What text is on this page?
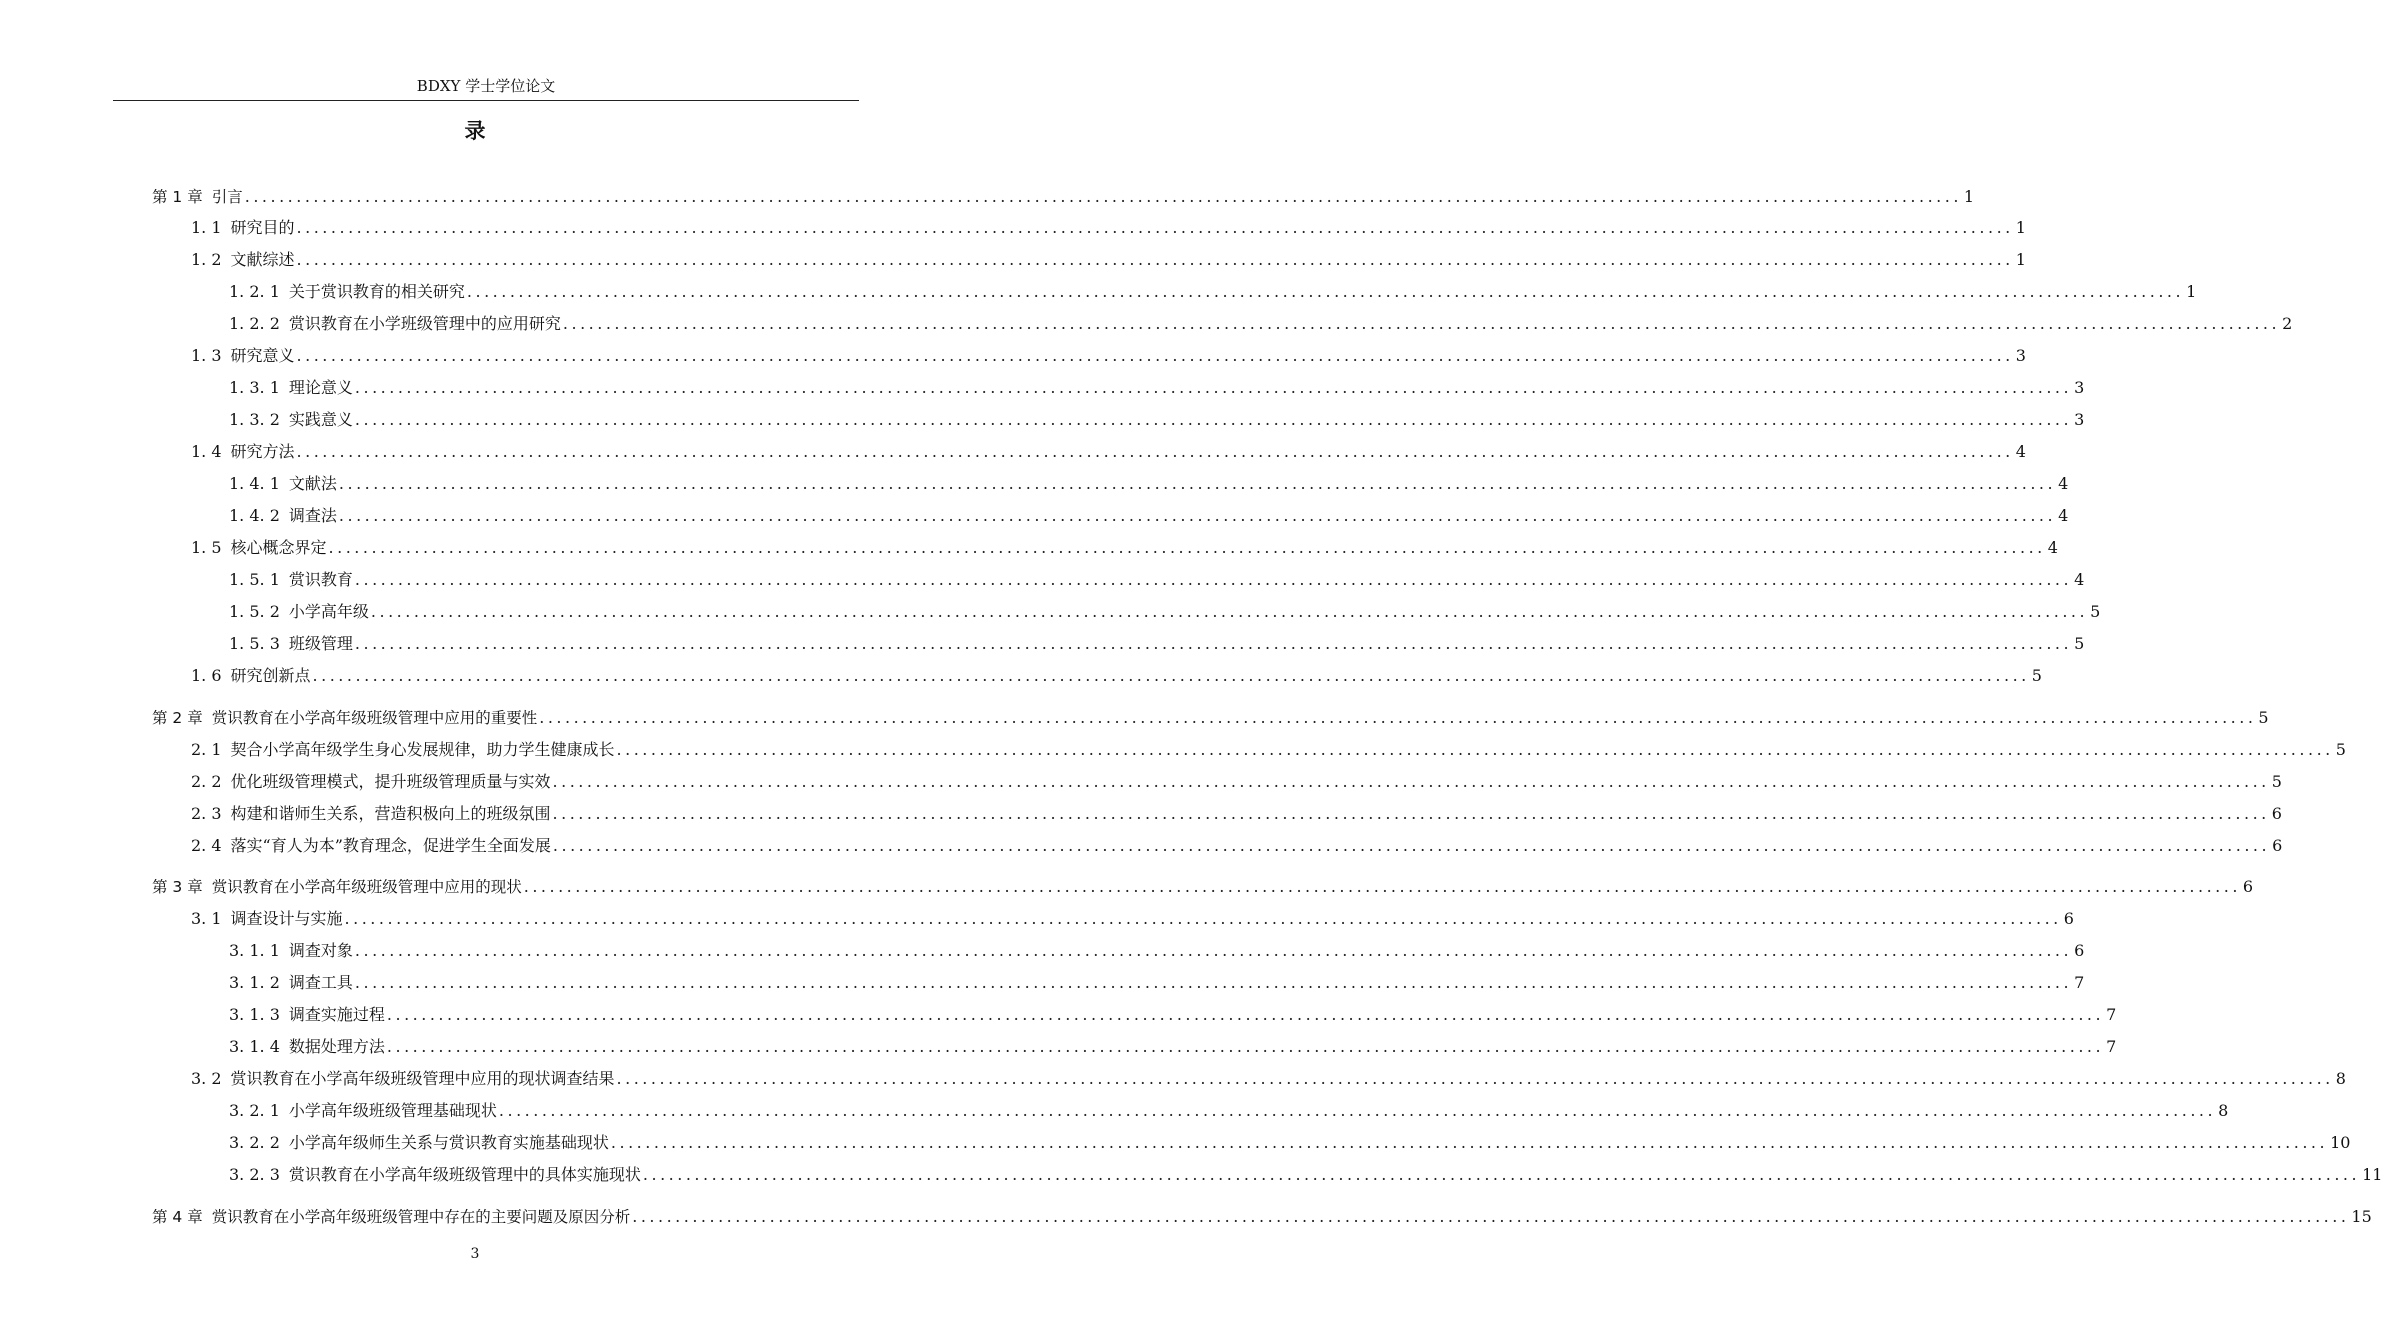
BDXY 学士学位论文
录
第 1 章 引言 ........................................................................................................................................................................................................ 1
1. 1 研究目的 ........................................................................................................................................................................................................ 1
1. 2 文献综述 ........................................................................................................................................................................................................ 1
1. 2. 1 关于赏识教育的相关研究 ........................................................................................................................................................................................................ 1
1. 2. 2 赏识教育在小学班级管理中的应用研究 ........................................................................................................................................................................................................ 2
1. 3 研究意义 ........................................................................................................................................................................................................ 3
1. 3. 1 理论意义 ........................................................................................................................................................................................................ 3
1. 3. 2 实践意义 ........................................................................................................................................................................................................ 3
1. 4 研究方法 ........................................................................................................................................................................................................ 4
1. 4. 1 文献法 ........................................................................................................................................................................................................ 4
1. 4. 2 调查法 ........................................................................................................................................................................................................ 4
1. 5 核心概念界定 ........................................................................................................................................................................................................ 4
1. 5. 1 赏识教育 ........................................................................................................................................................................................................ 4
1. 5. 2 小学高年级 ........................................................................................................................................................................................................ 5
1. 5. 3 班级管理 ........................................................................................................................................................................................................ 5
1. 6 研究创新点 ........................................................................................................................................................................................................ 5
第 2 章 赏识教育在小学高年级班级管理中应用的重要性 ........................................................................................................................................................................................................ 5
2. 1 契合小学高年级学生身心发展规律，助力学生健康成长 ........................................................................................................................................................................................................ 5
2. 2 优化班级管理模式，提升班级管理质量与实效 ........................................................................................................................................................................................................ 5
2. 3 构建和谐师生关系，营造积极向上的班级氛围 ........................................................................................................................................................................................................ 6
2. 4 落实“育人为本”教育理念，促进学生全面发展 ........................................................................................................................................................................................................ 6
第 3 章 赏识教育在小学高年级班级管理中应用的现状 ........................................................................................................................................................................................................ 6
3. 1 调查设计与实施 ........................................................................................................................................................................................................ 6
3. 1. 1 调查对象 ........................................................................................................................................................................................................ 6
3. 1. 2 调查工具 ........................................................................................................................................................................................................ 7
3. 1. 3 调查实施过程 ........................................................................................................................................................................................................ 7
3. 1. 4 数据处理方法 ........................................................................................................................................................................................................ 7
3. 2 赏识教育在小学高年级班级管理中应用的现状调查结果 ........................................................................................................................................................................................................ 8
3. 2. 1 小学高年级班级管理基础现状 ........................................................................................................................................................................................................ 8
3. 2. 2 小学高年级师生关系与赏识教育实施基础现状 ........................................................................................................................................................................................................ 10
3. 2. 3 赏识教育在小学高年级班级管理中的具体实施现状 ........................................................................................................................................................................................................ 11
第 4 章 赏识教育在小学高年级班级管理中存在的主要问题及原因分析 ........................................................................................................................................................................................................ 15
3
